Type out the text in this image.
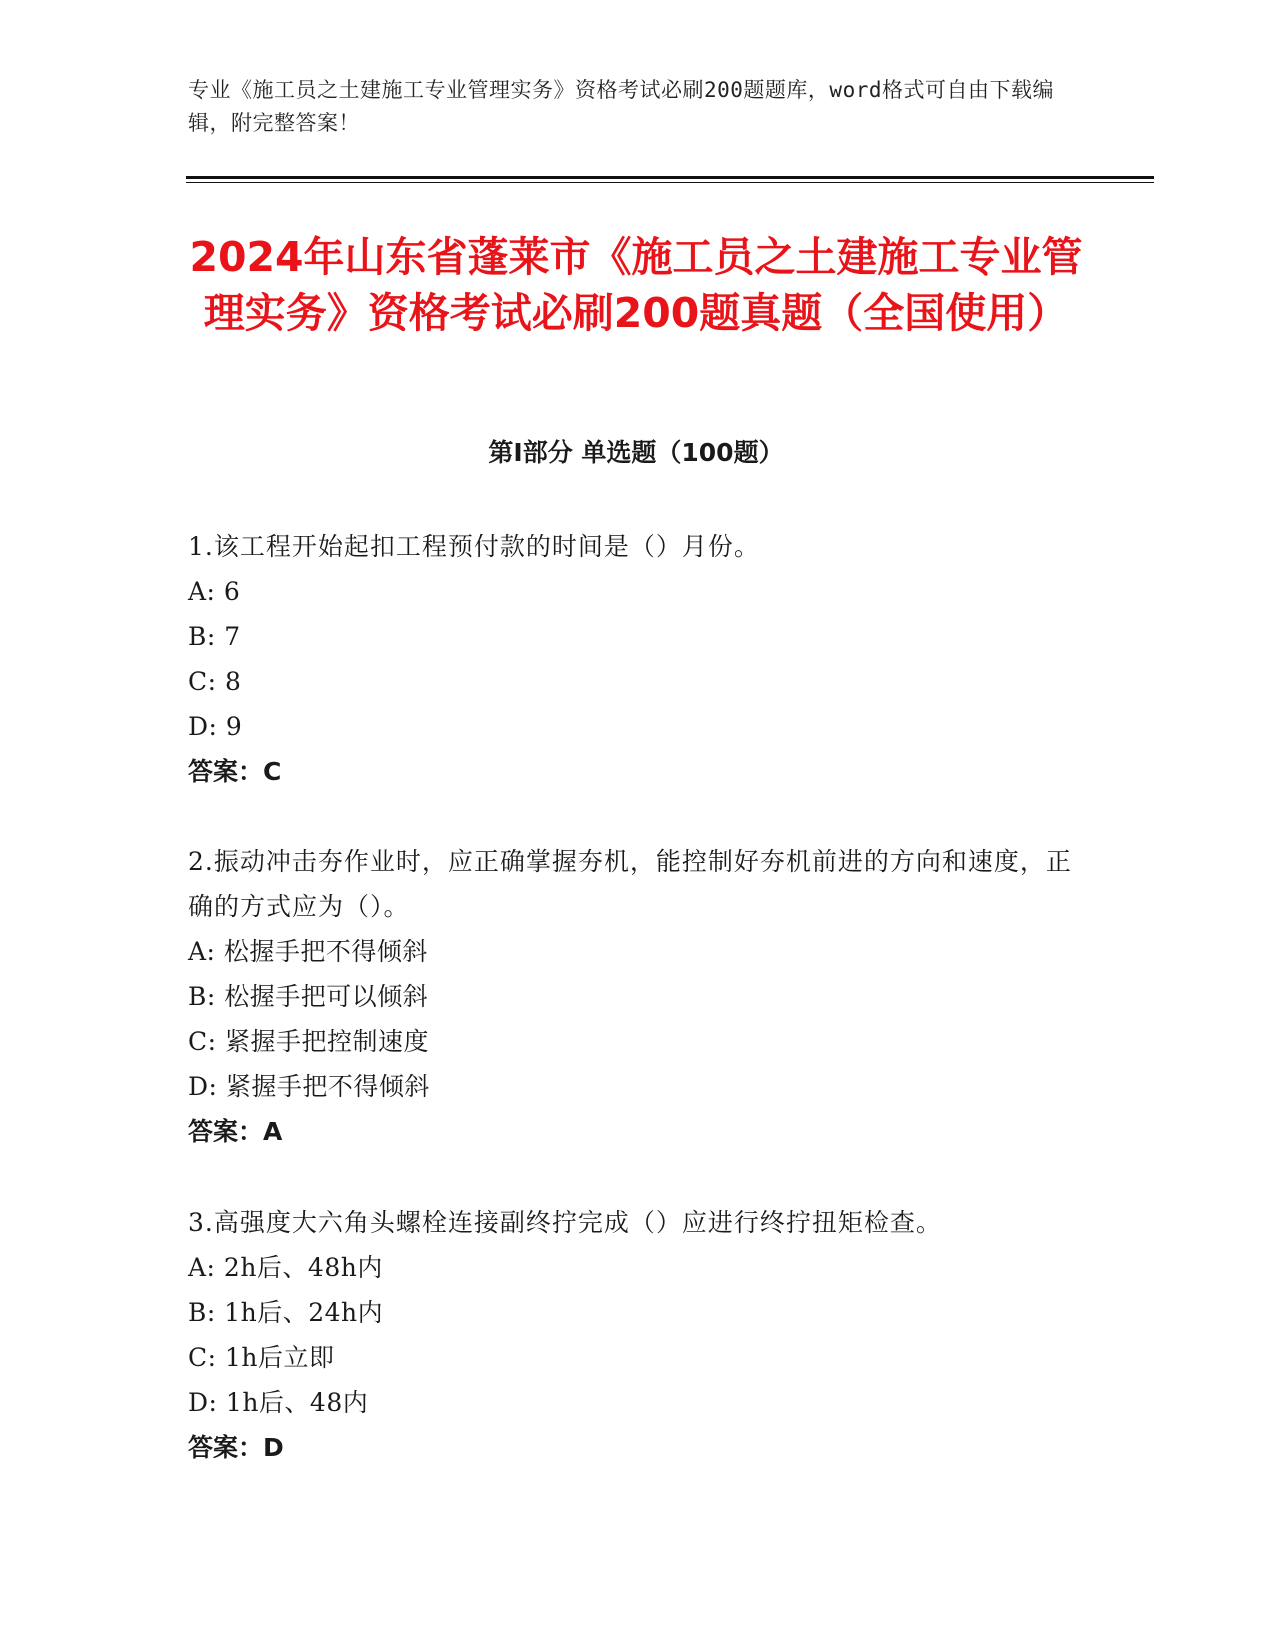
专业《施工员之土建施工专业管理实务》资格考试必刷200题题库，word格式可自由下载编辑，附完整答案！
2024年山东省蓬莱市《施工员之土建施工专业管理实务》资格考试必刷200题真题（全国使用）
第Ⅰ部分 单选题（100题）
1.该工程开始起扣工程预付款的时间是（）月份。
A: 6
B: 7
C: 8
D: 9
答案：C
2.振动冲击夯作业时，应正确掌握夯机，能控制好夯机前进的方向和速度，正确的方式应为（）。
A: 松握手把不得倾斜
B: 松握手把可以倾斜
C: 紧握手把控制速度
D: 紧握手把不得倾斜
答案：A
3.高强度大六角头螺栓连接副终拧完成（）应进行终拧扭矩检查。
A: 2h后、48h内
B: 1h后、24h内
C: 1h后立即
D: 1h后、48内
答案：D
